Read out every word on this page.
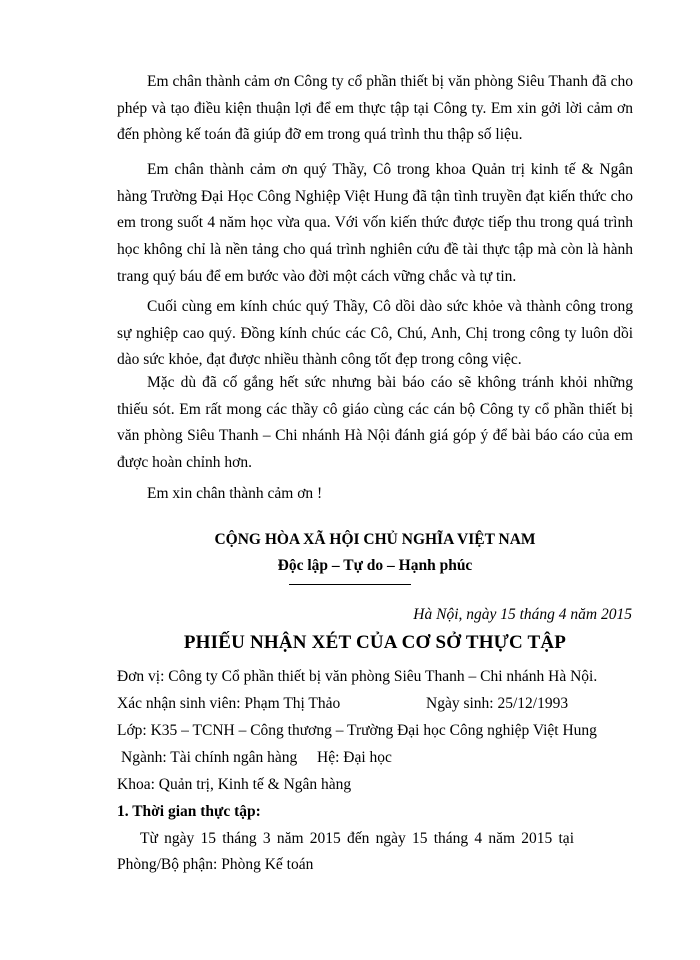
Em chân thành cảm ơn Công ty cổ phần thiết bị văn phòng Siêu Thanh đã cho phép và tạo điều kiện thuận lợi để em thực tập tại Công ty. Em xin gởi lời cảm ơn đến phòng kế toán đã giúp đỡ em trong quá trình thu thập số liệu.

Em chân thành cảm ơn quý Thầy, Cô trong khoa Quản trị kinh tế & Ngân hàng Trường Đại Học Công Nghiệp Việt Hung đã tận tình truyền đạt kiến thức cho em trong suốt 4 năm học vừa qua. Với vốn kiến thức được tiếp thu trong quá trình học không chỉ là nền tảng cho quá trình nghiên cứu đề tài thực tập mà còn là hành trang quý báu để em bước vào đời một cách vững chắc và tự tin.

Cuối cùng em kính chúc quý Thầy, Cô dồi dào sức khỏe và thành công trong sự nghiệp cao quý. Đồng kính chúc các Cô, Chú, Anh, Chị trong công ty luôn dồi dào sức khỏe, đạt được nhiều thành công tốt đẹp trong công việc.

Mặc dù đã cố gắng hết sức nhưng bài báo cáo sẽ không tránh khỏi những thiếu sót. Em rất mong các thầy cô giáo cùng các cán bộ Công ty cổ phần thiết bị văn phòng Siêu Thanh – Chi nhánh Hà Nội đánh giá góp ý để bài báo cáo của em được hoàn chỉnh hơn.

Em xin chân thành cảm ơn !

CỘNG HÒA XÃ HỘI CHỦ NGHĨA VIỆT NAM

Độc lập – Tự do – Hạnh phúc

Hà Nội, ngày 15 tháng 4 năm 2015

PHIẾU NHẬN XÉT CỦA CƠ SỞ THỰC TẬP

Đơn vị: Công ty Cổ phần thiết bị văn phòng Siêu Thanh – Chi nhánh Hà Nội.

Xác nhận sinh viên: Phạm Thị Thảo	Ngày sinh: 25/12/1993

Lớp: K35 – TCNH – Công thương – Trường Đại học Công nghiệp Việt Hung

Ngành: Tài chính ngân hàng Hệ: Đại học

Khoa: Quản trị, Kinh tế & Ngân hàng

1. Thời gian thực tập:

Từ ngày 15 tháng 3 năm 2015 đến ngày 15 tháng 4 năm 2015 tại

Phòng/Bộ phận: Phòng Kế toán
